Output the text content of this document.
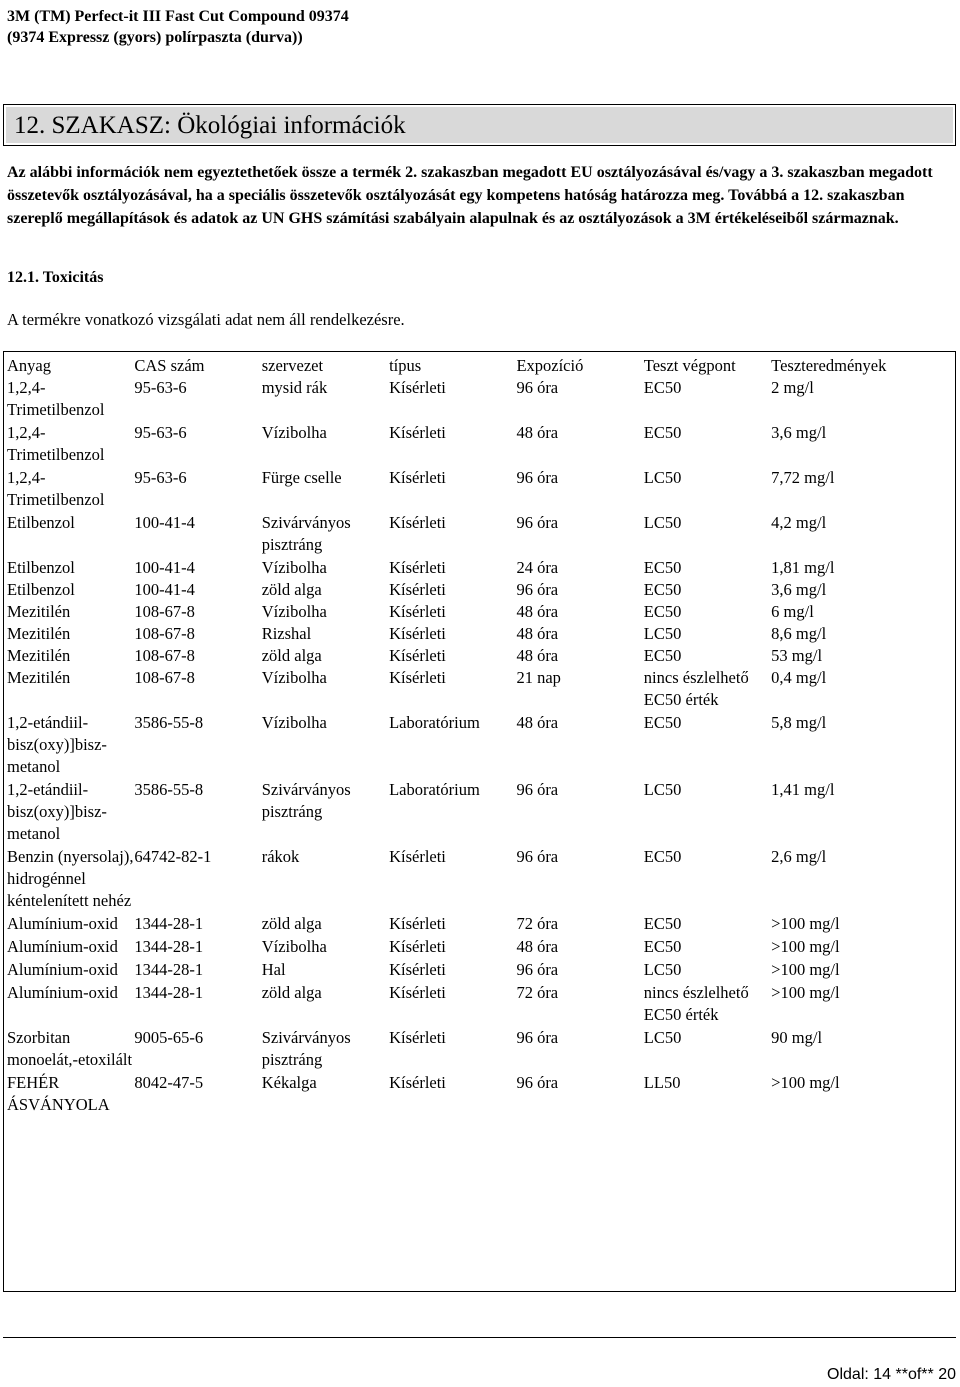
3M (TM) Perfect-it III Fast Cut Compound 09374
(9374 Expressz (gyors) polírpaszta (durva))
12. SZAKASZ: Ökológiai információk
Az alábbi információk nem egyeztethetőek össze a termék 2. szakaszban megadott EU osztályozásával és/vagy a 3. szakaszban megadott összetevők osztályozásával, ha a speciális összetevők osztályozását egy kompetens hatóság határozza meg. Továbbá a 12. szakaszban szereplő megállapítások és adatok az UN GHS számítási szabályain alapulnak és az osztályozások a 3M értékeléseiből származnak.
12.1. Toxicitás
A termékre vonatkozó vizsgálati adat nem áll rendelkezésre.
Anyag	CAS szám	szervezet	típus	Expozíció	Teszt végpont	Teszteredmények
1,2,4-Trimetilbenzol	95-63-6	mysid rák	Kísérleti	96 óra	EC50	2 mg/l
1,2,4-Trimetilbenzol	95-63-6	Vízibolha	Kísérleti	48 óra	EC50	3,6 mg/l
1,2,4-Trimetilbenzol	95-63-6	Fürge cselle	Kísérleti	96 óra	LC50	7,72 mg/l
Etilbenzol	100-41-4	Szivárványos pisztráng	Kísérleti	96 óra	LC50	4,2 mg/l
Etilbenzol	100-41-4	Vízibolha	Kísérleti	24 óra	EC50	1,81 mg/l
Etilbenzol	100-41-4	zöld alga	Kísérleti	96 óra	EC50	3,6 mg/l
Mezitilén	108-67-8	Vízibolha	Kísérleti	48 óra	EC50	6 mg/l
Mezitilén	108-67-8	Rizshal	Kísérleti	48 óra	LC50	8,6 mg/l
Mezitilén	108-67-8	zöld alga	Kísérleti	48 óra	EC50	53 mg/l
Mezitilén	108-67-8	Vízibolha	Kísérleti	21 nap	nincs észlelhető EC50 érték	0,4 mg/l
1,2-etándiil-bisz(oxy)]bisz-metanol	3586-55-8	Vízibolha	Laboratórium	48 óra	EC50	5,8 mg/l
1,2-etándiil-bisz(oxy)]bisz-metanol	3586-55-8	Szivárványos pisztráng	Laboratórium	96 óra	LC50	1,41 mg/l
Benzin (nyersolaj), hidrogénnel kéntelenített nehéz	64742-82-1	rákok	Kísérleti	96 óra	EC50	2,6 mg/l
Alumínium-oxid	1344-28-1	zöld alga	Kísérleti	72 óra	EC50	>100 mg/l
Alumínium-oxid	1344-28-1	Vízibolha	Kísérleti	48 óra	EC50	>100 mg/l
Alumínium-oxid	1344-28-1	Hal	Kísérleti	96 óra	LC50	>100 mg/l
Alumínium-oxid	1344-28-1	zöld alga	Kísérleti	72 óra	nincs észlelhető EC50 érték	>100 mg/l
Szorbitan monoelát,-etoxilált	9005-65-6	Szivárványos pisztráng	Kísérleti	96 óra	LC50	90 mg/l
FEHÉR ÁSVÁNYOLA	8042-47-5	Kékalga	Kísérleti	96 óra	LL50	>100 mg/l
Oldal: 14 **of** 20
